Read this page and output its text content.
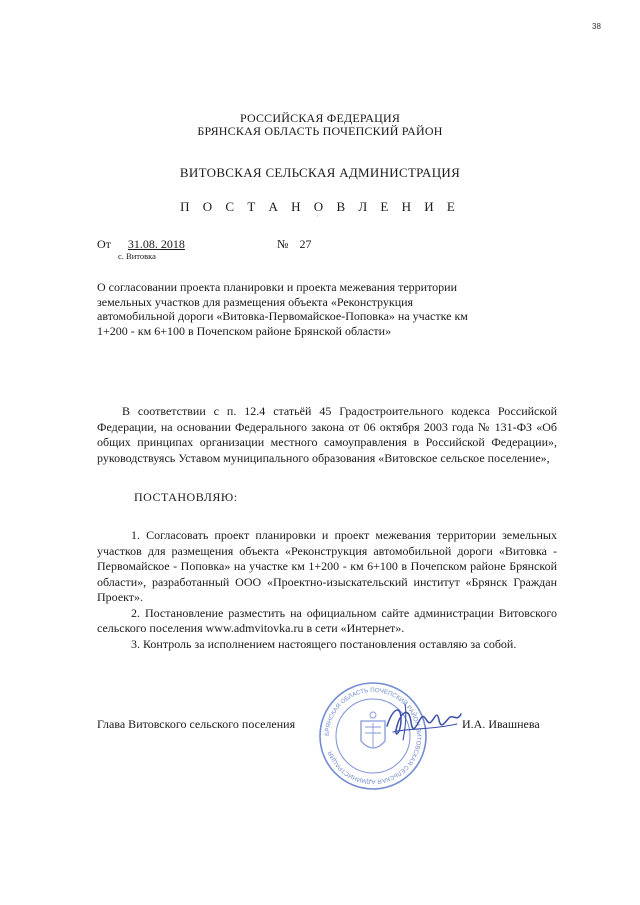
38
РОССИЙСКАЯ ФЕДЕРАЦИЯ
БРЯНСКАЯ ОБЛАСТЬ ПОЧЕПСКИЙ РАЙОН
ВИТОВСКАЯ СЕЛЬСКАЯ АДМИНИСТРАЦИЯ
П О С Т А Н О В Л Е Н И Е
·
От 31.08. 2018	№ 27
с. Витовка
О согласовании проекта планировки и проекта межевания территории земельных участков для размещения объекта «Реконструкция автомобильной дороги «Витовка-Первомайское-Поповка» на участке км 1+200 - км 6+100 в Почепском районе Брянской области»
В соответствии с п. 12.4 статьёй 45 Градостроительного кодекса Российской Федерации, на основании Федерального закона от 06 октября 2003 года № 131-ФЗ «Об общих принципах организации местного самоуправления в Российской Федерации», руководствуясь Уставом муниципального образования «Витовское сельское поселение»,
ПОСТАНОВЛЯЮ:

1. Согласовать проект планировки и проект межевания территории земельных участков для размещения объекта «Реконструкция автомобильной дороги «Витовка - Первомайское - Поповка» на участке км 1+200 - км 6+100 в Почепском районе Брянской области», разработанный ООО «Проектно-изыскательский институт «Брянск Граждан Проект».

2. Постановление разместить на официальном сайте администрации Витовского сельского поселения www.admvitovka.ru в сети «Интернет».

3. Контроль за исполнением настоящего постановления оставляю за собой.

БРЯНСКАЯ ОБЛАСТЬ ПОЧЕПСКИЙ РАЙОН ВИТОВСКАЯ СЕЛЬСКАЯ АДМИНИСТРАЦИЯ
Глава Витовского сельского поселения	И.А. Ивашнева
